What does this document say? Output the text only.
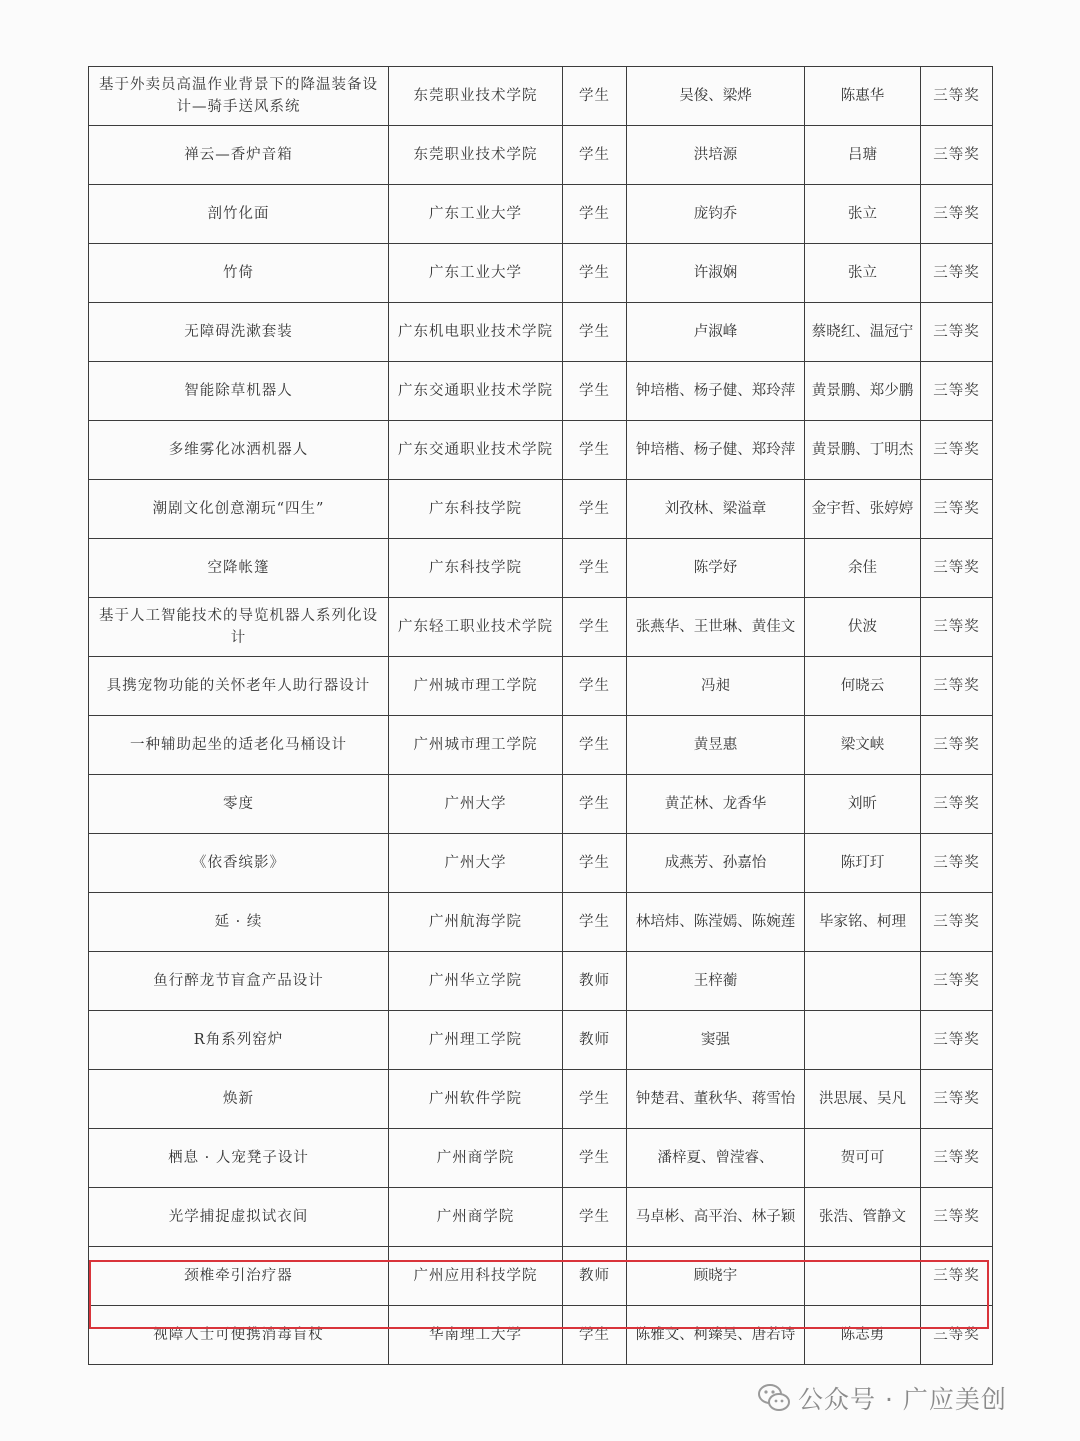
基于外卖员高温作业背景下的降温装备设计—骑手送风系统	东莞职业技术学院	学生	吴俊、梁烨	陈惠华	三等奖
禅云—香炉音箱	东莞职业技术学院	学生	洪培源	吕瑭	三等奖
剖竹化面	广东工业大学	学生	庞钧乔	张立	三等奖
竹倚	广东工业大学	学生	许淑娴	张立	三等奖
无障碍洗漱套装	广东机电职业技术学院	学生	卢淑峰	蔡晓红、温冠宁	三等奖
智能除草机器人	广东交通职业技术学院	学生	钟培楷、杨子健、郑玲萍	黄景鹏、郑少鹏	三等奖
多维雾化冰洒机器人	广东交通职业技术学院	学生	钟培楷、杨子健、郑玲萍	黄景鹏、丁明杰	三等奖
潮剧文化创意潮玩“四生”	广东科技学院	学生	刘孜林、梁溢章	金宇哲、张婷婷	三等奖
空降帐篷	广东科技学院	学生	陈学妤	余佳	三等奖
基于人工智能技术的导览机器人系列化设计	广东轻工职业技术学院	学生	张燕华、王世琳、黄佳文	伏波	三等奖
具携宠物功能的关怀老年人助行器设计	广州城市理工学院	学生	冯昶	何晓云	三等奖
一种辅助起坐的适老化马桶设计	广州城市理工学院	学生	黄昱惠	梁文峡	三等奖
零度	广州大学	学生	黄芷林、龙香华	刘昕	三等奖
《依香缤影》	广州大学	学生	成燕芳、孙嘉怡	陈玎玎	三等奖
延 · 续	广州航海学院	学生	林培炜、陈滢嫣、陈婉莲	毕家铭、柯理	三等奖
鱼行醉龙节盲盒产品设计	广州华立学院	教师	王梓蘅		三等奖
R角系列窑炉	广州理工学院	教师	窦强		三等奖
焕新	广州软件学院	学生	钟楚君、董秋华、蒋雪怡	洪思展、吴凡	三等奖
栖息 · 人宠凳子设计	广州商学院	学生	潘梓夏、曾滢睿、	贺可可	三等奖
光学捕捉虚拟试衣间	广州商学院	学生	马卓彬、高平治、林子颖	张浩、管静文	三等奖
颈椎牵引治疗器	广州应用科技学院	教师	顾晓宇		三等奖
视障人士可便携消毒盲杖	华南理工大学	学生	陈雅文、柯臻昊、唐若诗	陈志勇	三等奖
公众号 · 广应美创
